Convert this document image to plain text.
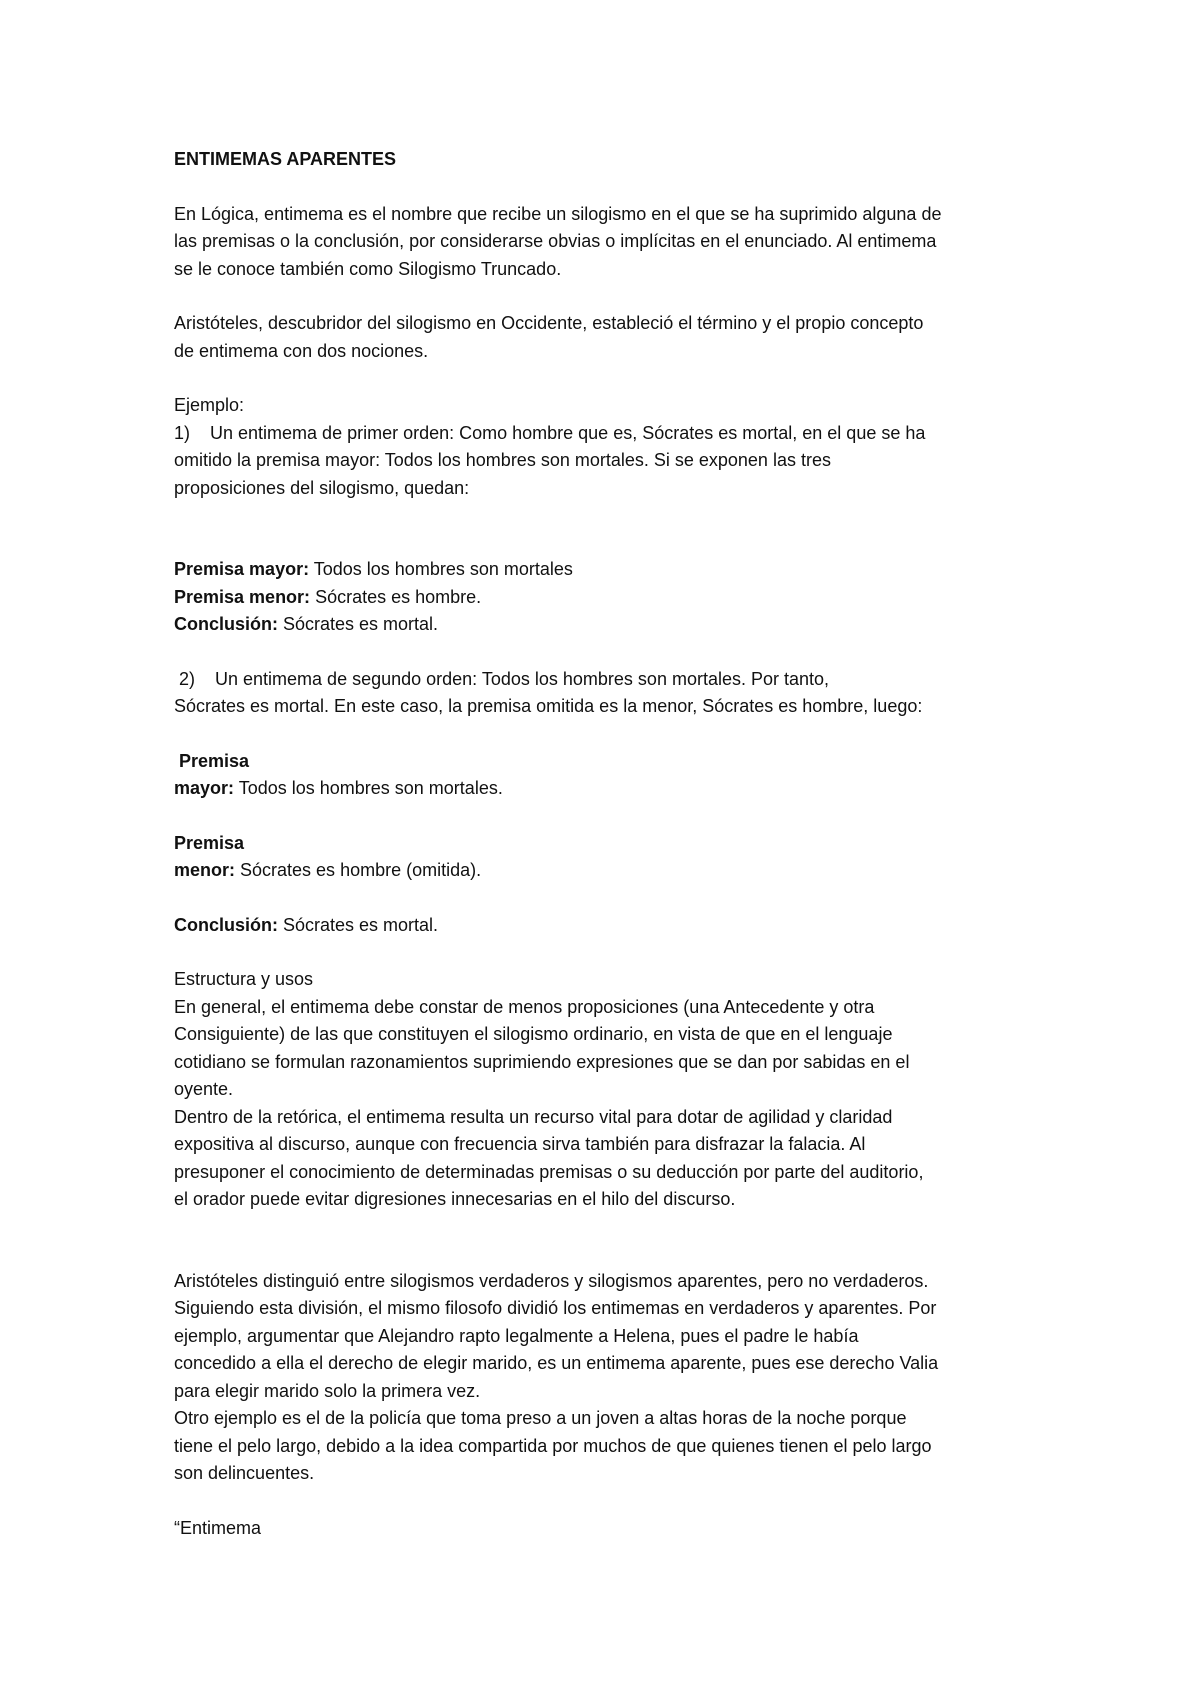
ENTIMEMAS APARENTES
En Lógica, entimema es el nombre que recibe un silogismo en el que se ha suprimido alguna de
las premisas o la conclusión, por considerarse obvias o implícitas en el enunciado. Al entimema
se le conoce también como Silogismo Truncado.
Aristóteles, descubridor del silogismo en Occidente, estableció el término y el propio concepto
de entimema con dos nociones.
Ejemplo:
1)    Un entimema de primer orden: Como hombre que es, Sócrates es mortal, en el que se ha
omitido la premisa mayor: Todos los hombres son mortales. Si se exponen las tres
proposiciones del silogismo, quedan:
Premisa mayor: Todos los hombres son mortales
Premisa menor: Sócrates es hombre.
Conclusión: Sócrates es mortal.
2)    Un entimema de segundo orden: Todos los hombres son mortales. Por tanto,
Sócrates es mortal. En este caso, la premisa omitida es la menor, Sócrates es hombre, luego:
Premisa
mayor: Todos los hombres son mortales.
Premisa
menor: Sócrates es hombre (omitida).
Conclusión: Sócrates es mortal.
Estructura y usos
En general, el entimema debe constar de menos proposiciones (una Antecedente y otra
Consiguiente) de las que constituyen el silogismo ordinario, en vista de que en el lenguaje
cotidiano se formulan razonamientos suprimiendo expresiones que se dan por sabidas en el
oyente.
Dentro de la retórica, el entimema resulta un recurso vital para dotar de agilidad y claridad
expositiva al discurso, aunque con frecuencia sirva también para disfrazar la falacia. Al
presuponer el conocimiento de determinadas premisas o su deducción por parte del auditorio,
el orador puede evitar digresiones innecesarias en el hilo del discurso.
Aristóteles distinguió entre silogismos verdaderos y silogismos aparentes, pero no verdaderos.
Siguiendo esta división, el mismo filosofo dividió los entimemas en verdaderos y aparentes. Por
ejemplo, argumentar que Alejandro rapto legalmente a Helena, pues el padre le había
concedido a ella el derecho de elegir marido, es un entimema aparente, pues ese derecho Valia
para elegir marido solo la primera vez.
Otro ejemplo es el de la policía que toma preso a un joven a altas horas de la noche porque
tiene el pelo largo, debido a la idea compartida por muchos de que quienes tienen el pelo largo
son delincuentes.
“Entimema
